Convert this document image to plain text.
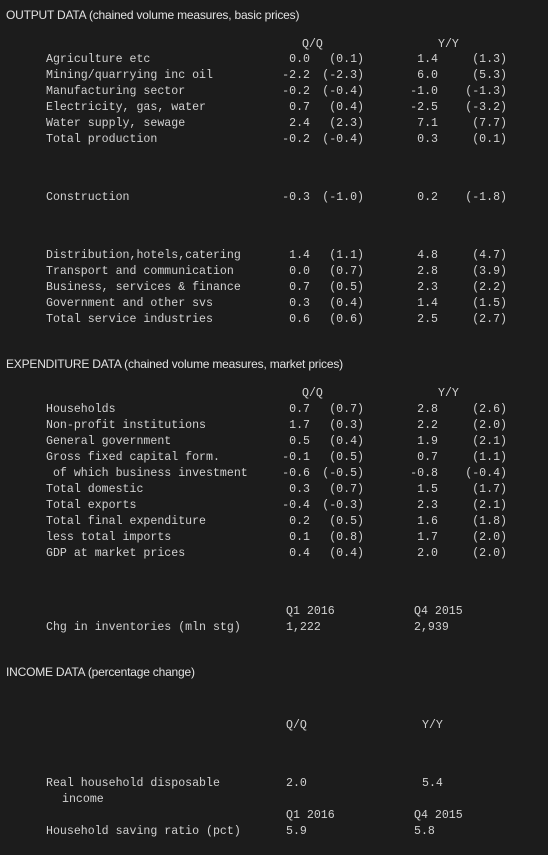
OUTPUT DATA (chained volume measures, basic prices)
Q/Q	Y/Y
Agriculture etc	0.0 (0.1)	1.4	(1.3)
Mining/quarrying inc oil	-2.2 (-2.3)	6.0	(5.3)
Manufacturing sector	-0.2 (-0.4)	-1.0 (-1.3)
Electricity, gas, water	0.7 (0.4)	-2.5 (-3.2)
Water supply, sewage	2.4 (2.3)	7.1	(7.7)
Total production	-0.2 (-0.4)	0.3	(0.1)
Construction	-0.3 (-1.0)	0.2 (-1.8)
Distribution,hotels,catering	1.4 (1.1)	4.8	(4.7)
Transport and communication	0.0 (0.7)	2.8	(3.9)
Business, services & finance	0.7 (0.5)	2.3	(2.2)
Government and other svs	0.3 (0.4)	1.4	(1.5)
Total service industries	0.6 (0.6)	2.5	(2.7)
EXPENDITURE DATA (chained volume measures, market prices)
Q/Q	Y/Y
Households	0.7 (0.7)	2.8	(2.6)
Non-profit institutions	1.7 (0.3)	2.2	(2.0)
General government	0.5 (0.4)	1.9	(2.1)
Gross fixed capital form.	-0.1 (0.5)	0.7	(1.1)
of which business investment	-0.6 (-0.5)	-0.8 (-0.4)
Total domestic	0.3 (0.7)	1.5	(1.7)
Total exports	-0.4 (-0.3)	2.3	(2.1)
Total final expenditure	0.2 (0.5)	1.6	(1.8)
less total imports	0.1 (0.8)	1.7	(2.0)
GDP at market prices	0.4 (0.4)	2.0	(2.0)
Q1 2016	Q4 2015
Chg in inventories (mln stg)	1,222	2,939
INCOME DATA (percentage change)
Q/Q	Y/Y
Real household disposable
income
2.0	5.4
Q1 2016	Q4 2015
Household saving ratio (pct)	5.9	5.8
